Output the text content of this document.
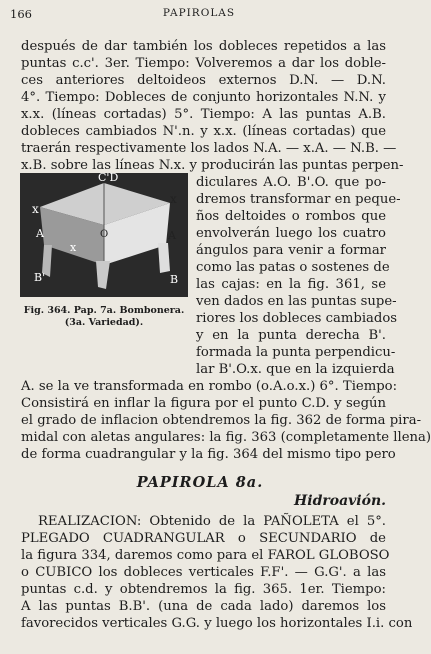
166	PAPIROLAS
después de dar también los dobleces repetidos a las
puntas c.c'. 3er. Tiempo: Volveremos a dar los doble-
ces anteriores deltoideos externos D.N. — D.N.
4°. Tiempo: Dobleces de conjunto horizontales N.N. y
x.x. (líneas cortadas) 5°. Tiempo: A las puntas A.B.
dobleces cambiados N'.n. y x.x. (líneas cortadas) que
traerán respectivamente los lados N.A. — x.A. — N.B. —
x.B. sobre las líneas N.x. y producirán las puntas perpen-
x
C'D
x
A
B'
A
x
O
B
Fig. 364. Pap. 7a. Bombonera. (3a. Variedad).
diculares A.O. B'.O. que po-
dremos transformar en peque-
ños deltoides o rombos que
envolverán luego los cuatro
ángulos para venir a formar
como las patas o sostenes de
las cajas: en la fig. 361, se
ven dados en las puntas supe-
riores los dobleces cambiados
y en la punta derecha B'.
formada la punta perpendicu-
lar B'.O.x. que en la izquierda
A. se la ve transformada en rombo (o.A.o.x.) 6°. Tiempo:
Consistirá en inflar la figura por el punto C.D. y según
el grado de inflacion obtendremos la fig. 362 de forma pira-
midal con aletas angulares: la fig. 363 (completamente llena)
de forma cuadrangular y la fig. 364 del mismo tipo pero
PAPIROLA 8a.
Hidroavión.
REALIZACION: Obtenido de la PAÑOLETA el 5°.
PLEGADO CUADRANGULAR o SECUNDARIO de
la figura 334, daremos como para el FAROL GLOBOSO
o CUBICO los dobleces verticales F.F'. — G.G'. a las
puntas c.d. y obtendremos la fig. 365. 1er. Tiempo:
A las puntas B.B'. (una de cada lado) daremos los
favorecidos verticales G.G. y luego los horizontales I.i. con
